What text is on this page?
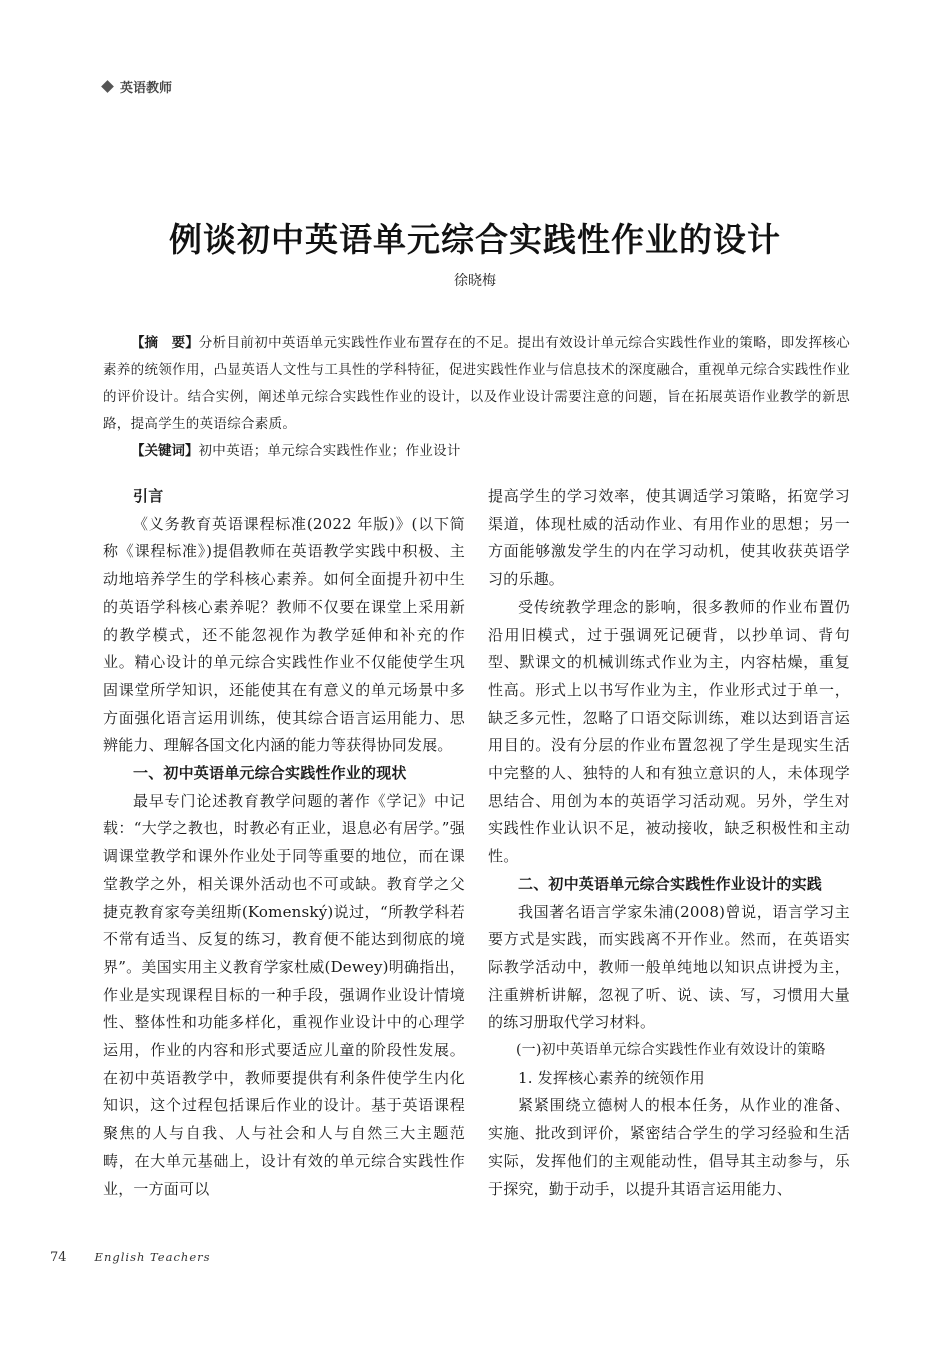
英语教师
例谈初中英语单元综合实践性作业的设计
徐晓梅

【摘　要】分析目前初中英语单元实践性作业布置存在的不足。提出有效设计单元综合实践性作业的策略，即发挥核心素养的统领作用，凸显英语人文性与工具性的学科特征，促进实践性作业与信息技术的深度融合，重视单元综合实践性作业的评价设计。结合实例，阐述单元综合实践性作业的设计，以及作业设计需要注意的问题，旨在拓展英语作业教学的新思路，提高学生的英语综合素质。

【关键词】初中英语；单元综合实践性作业；作业设计

引言

《义务教育英语课程标准(2022 年版)》(以下简称《课程标准》)提倡教师在英语教学实践中积极、主动地培养学生的学科核心素养。如何全面提升初中生的英语学科核心素养呢？教师不仅要在课堂上采用新的教学模式，还不能忽视作为教学延伸和补充的作业。精心设计的单元综合实践性作业不仅能使学生巩固课堂所学知识，还能使其在有意义的单元场景中多方面强化语言运用训练，使其综合语言运用能力、思辨能力、理解各国文化内涵的能力等获得协同发展。

一、初中英语单元综合实践性作业的现状

最早专门论述教育教学问题的著作《学记》中记载：“大学之教也，时教必有正业，退息必有居学。”强调课堂教学和课外作业处于同等重要的地位，而在课堂教学之外，相关课外活动也不可或缺。教育学之父捷克教育家夸美纽斯(Komenský)说过，“所教学科若不常有适当、反复的练习，教育便不能达到彻底的境界”。美国实用主义教育学家杜威(Dewey)明确指出，作业是实现课程目标的一种手段，强调作业设计情境性、整体性和功能多样化，重视作业设计中的心理学运用，作业的内容和形式要适应儿童的阶段性发展。在初中英语教学中，教师要提供有利条件使学生内化知识，这个过程包括课后作业的设计。基于英语课程聚焦的人与自我、人与社会和人与自然三大主题范畴，在大单元基础上，设计有效的单元综合实践性作业，一方面可以

提高学生的学习效率，使其调适学习策略，拓宽学习渠道，体现杜威的活动作业、有用作业的思想；另一方面能够激发学生的内在学习动机，使其收获英语学习的乐趣。

受传统教学理念的影响，很多教师的作业布置仍沿用旧模式，过于强调死记硬背，以抄单词、背句型、默课文的机械训练式作业为主，内容枯燥，重复性高。形式上以书写作业为主，作业形式过于单一，缺乏多元性，忽略了口语交际训练，难以达到语言运用目的。没有分层的作业布置忽视了学生是现实生活中完整的人、独特的人和有独立意识的人，未体现学思结合、用创为本的英语学习活动观。另外，学生对实践性作业认识不足，被动接收，缺乏积极性和主动性。

二、初中英语单元综合实践性作业设计的实践

我国著名语言学家朱浦(2008)曾说，语言学习主要方式是实践，而实践离不开作业。然而，在英语实际教学活动中，教师一般单纯地以知识点讲授为主，注重辨析讲解，忽视了听、说、读、写，习惯用大量的练习册取代学习材料。

(一)初中英语单元综合实践性作业有效设计的策略

1. 发挥核心素养的统领作用

紧紧围绕立德树人的根本任务，从作业的准备、实施、批改到评价，紧密结合学生的学习经验和生活实际，发挥他们的主观能动性，倡导其主动参与，乐于探究，勤于动手，以提升其语言运用能力、

74 English Teachers
